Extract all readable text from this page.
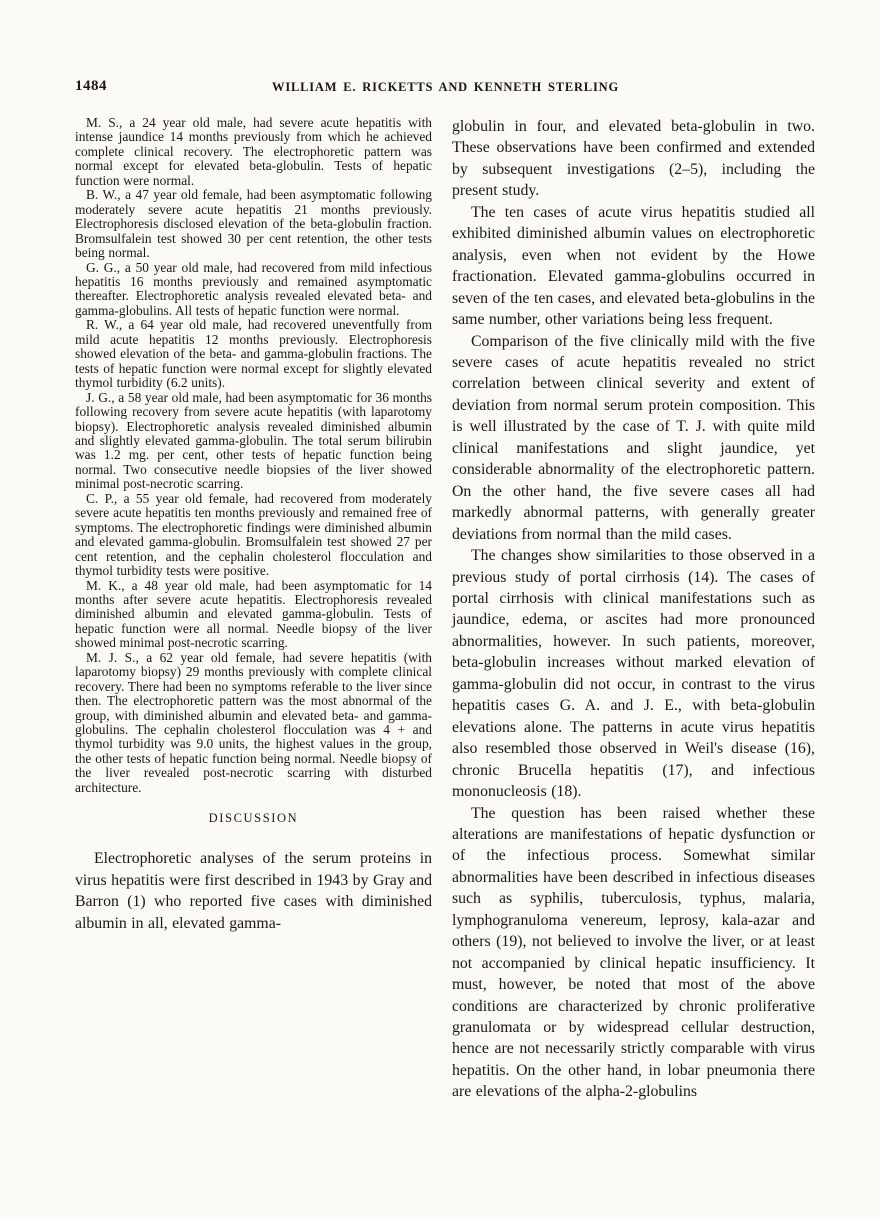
1484	WILLIAM E. RICKETTS AND KENNETH STERLING

M. S., a 24 year old male, had severe acute hepatitis with intense jaundice 14 months previously from which he achieved complete clinical recovery. The electrophoretic pattern was normal except for elevated beta-globulin. Tests of hepatic function were normal.

B. W., a 47 year old female, had been asymptomatic following moderately severe acute hepatitis 21 months previously. Electrophoresis disclosed elevation of the beta-globulin fraction. Bromsulfalein test showed 30 per cent retention, the other tests being normal.

G. G., a 50 year old male, had recovered from mild infectious hepatitis 16 months previously and remained asymptomatic thereafter. Electrophoretic analysis revealed elevated beta- and gamma-globulins. All tests of hepatic function were normal.

R. W., a 64 year old male, had recovered uneventfully from mild acute hepatitis 12 months previously. Electrophoresis showed elevation of the beta- and gamma-globulin fractions. The tests of hepatic function were normal except for slightly elevated thymol turbidity (6.2 units).

J. G., a 58 year old male, had been asymptomatic for 36 months following recovery from severe acute hepatitis (with laparotomy biopsy). Electrophoretic analysis revealed diminished albumin and slightly elevated gamma-globulin. The total serum bilirubin was 1.2 mg. per cent, other tests of hepatic function being normal. Two consecutive needle biopsies of the liver showed minimal post-necrotic scarring.

C. P., a 55 year old female, had recovered from moderately severe acute hepatitis ten months previously and remained free of symptoms. The electrophoretic findings were diminished albumin and elevated gamma-globulin. Bromsulfalein test showed 27 per cent retention, and the cephalin cholesterol flocculation and thymol turbidity tests were positive.

M. K., a 48 year old male, had been asymptomatic for 14 months after severe acute hepatitis. Electrophoresis revealed diminished albumin and elevated gamma-globulin. Tests of hepatic function were all normal. Needle biopsy of the liver showed minimal post-necrotic scarring.

M. J. S., a 62 year old female, had severe hepatitis (with laparotomy biopsy) 29 months previously with complete clinical recovery. There had been no symptoms referable to the liver since then. The electrophoretic pattern was the most abnormal of the group, with diminished albumin and elevated beta- and gamma-globulins. The cephalin cholesterol flocculation was 4 + and thymol turbidity was 9.0 units, the highest values in the group, the other tests of hepatic function being normal. Needle biopsy of the liver revealed post-necrotic scarring with disturbed architecture.

DISCUSSION

Electrophoretic analyses of the serum proteins in virus hepatitis were first described in 1943 by Gray and Barron (1) who reported five cases with diminished albumin in all, elevated gamma-

globulin in four, and elevated beta-globulin in two. These observations have been confirmed and extended by subsequent investigations (2–5), including the present study.

The ten cases of acute virus hepatitis studied all exhibited diminished albumin values on electrophoretic analysis, even when not evident by the Howe fractionation. Elevated gamma-globulins occurred in seven of the ten cases, and elevated beta-globulins in the same number, other variations being less frequent.

Comparison of the five clinically mild with the five severe cases of acute hepatitis revealed no strict correlation between clinical severity and extent of deviation from normal serum protein composition. This is well illustrated by the case of T. J. with quite mild clinical manifestations and slight jaundice, yet considerable abnormality of the electrophoretic pattern. On the other hand, the five severe cases all had markedly abnormal patterns, with generally greater deviations from normal than the mild cases.

The changes show similarities to those observed in a previous study of portal cirrhosis (14). The cases of portal cirrhosis with clinical manifestations such as jaundice, edema, or ascites had more pronounced abnormalities, however. In such patients, moreover, beta-globulin increases without marked elevation of gamma-globulin did not occur, in contrast to the virus hepatitis cases G. A. and J. E., with beta-globulin elevations alone. The patterns in acute virus hepatitis also resembled those observed in Weil's disease (16), chronic Brucella hepatitis (17), and infectious mononucleosis (18).

The question has been raised whether these alterations are manifestations of hepatic dysfunction or of the infectious process. Somewhat similar abnormalities have been described in infectious diseases such as syphilis, tuberculosis, typhus, malaria, lymphogranuloma venereum, leprosy, kala-azar and others (19), not believed to involve the liver, or at least not accompanied by clinical hepatic insufficiency. It must, however, be noted that most of the above conditions are characterized by chronic proliferative granulomata or by widespread cellular destruction, hence are not necessarily strictly comparable with virus hepatitis. On the other hand, in lobar pneumonia there are elevations of the alpha-2-globulins
